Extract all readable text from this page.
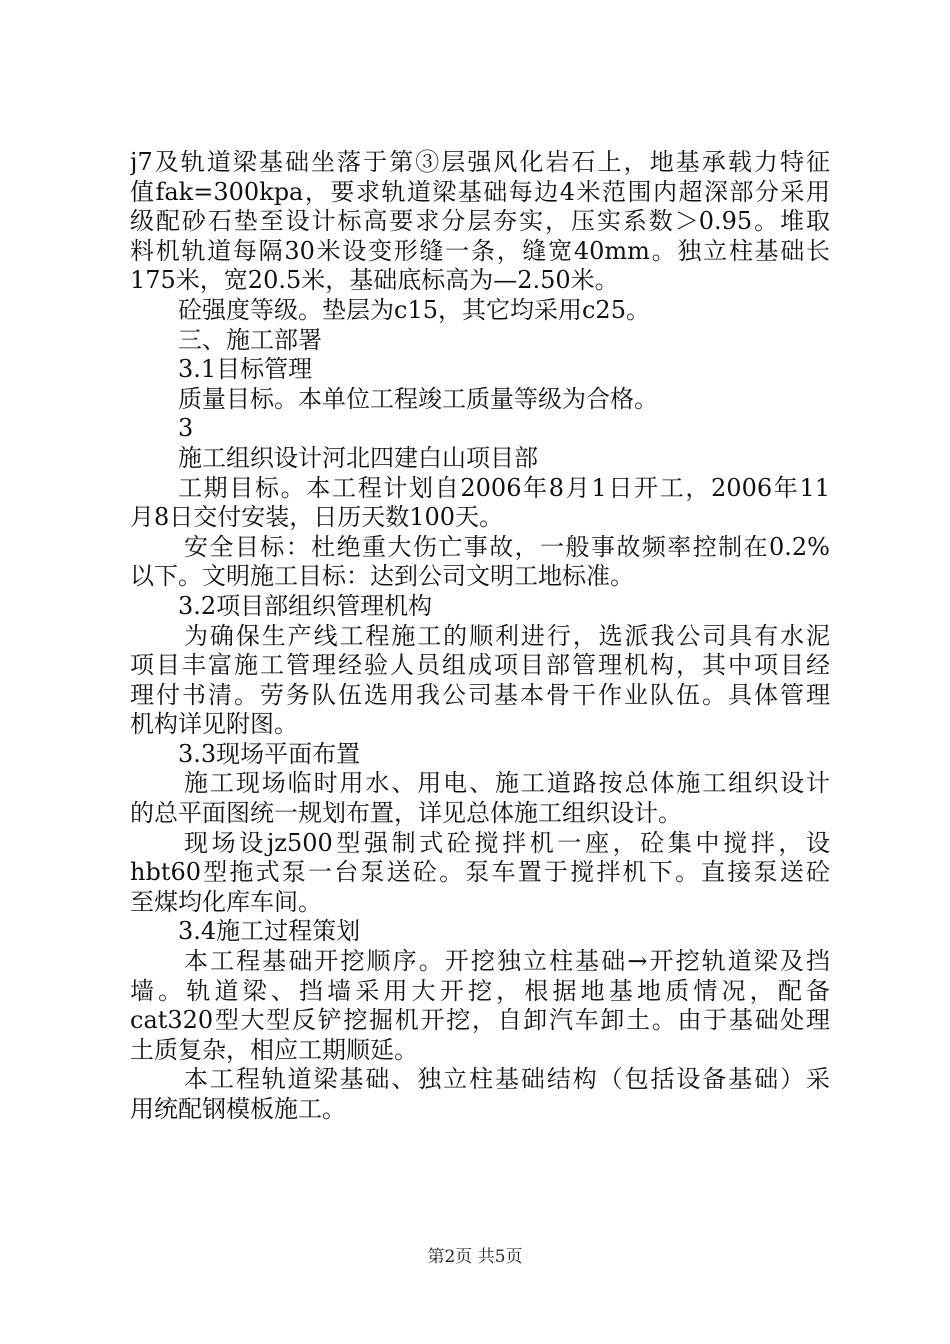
j7及轨道梁基础坐落于第③层强风化岩石上，地基承载力特征
值fak=300kpa，要求轨道梁基础每边4米范围内超深部分采用
级配砂石垫至设计标高要求分层夯实，压实系数＞0.95。堆取
料机轨道每隔30米设变形缝一条，缝宽40mm。独立柱基础长
175米，宽20.5米，基础底标高为—2.50米。
砼强度等级。垫层为c15，其它均采用c25。
三、施工部署
3.1目标管理
质量目标。本单位工程竣工质量等级为合格。
3
施工组织设计河北四建白山项目部
工期目标。本工程计划自2006年8月1日开工，2006年11
月8日交付安装，日历天数100天。
安全目标：杜绝重大伤亡事故，一般事故频率控制在0.2%
以下。文明施工目标：达到公司文明工地标准。
3.2项目部组织管理机构
为确保生产线工程施工的顺利进行，选派我公司具有水泥
项目丰富施工管理经验人员组成项目部管理机构，其中项目经
理付书清。劳务队伍选用我公司基本骨干作业队伍。具体管理
机构详见附图。
3.3现场平面布置
施工现场临时用水、用电、施工道路按总体施工组织设计
的总平面图统一规划布置，详见总体施工组织设计。
现场设jz500型强制式砼搅拌机一座，砼集中搅拌，设
hbt60型拖式泵一台泵送砼。泵车置于搅拌机下。直接泵送砼
至煤均化库车间。
3.4施工过程策划
本工程基础开挖顺序。开挖独立柱基础→开挖轨道梁及挡
墙。轨道梁、挡墙采用大开挖，根据地基地质情况，配备
cat320型大型反铲挖掘机开挖，自卸汽车卸土。由于基础处理
土质复杂，相应工期顺延。
本工程轨道梁基础、独立柱基础结构（包括设备基础）采
用统配钢模板施工。
第2页 共5页
